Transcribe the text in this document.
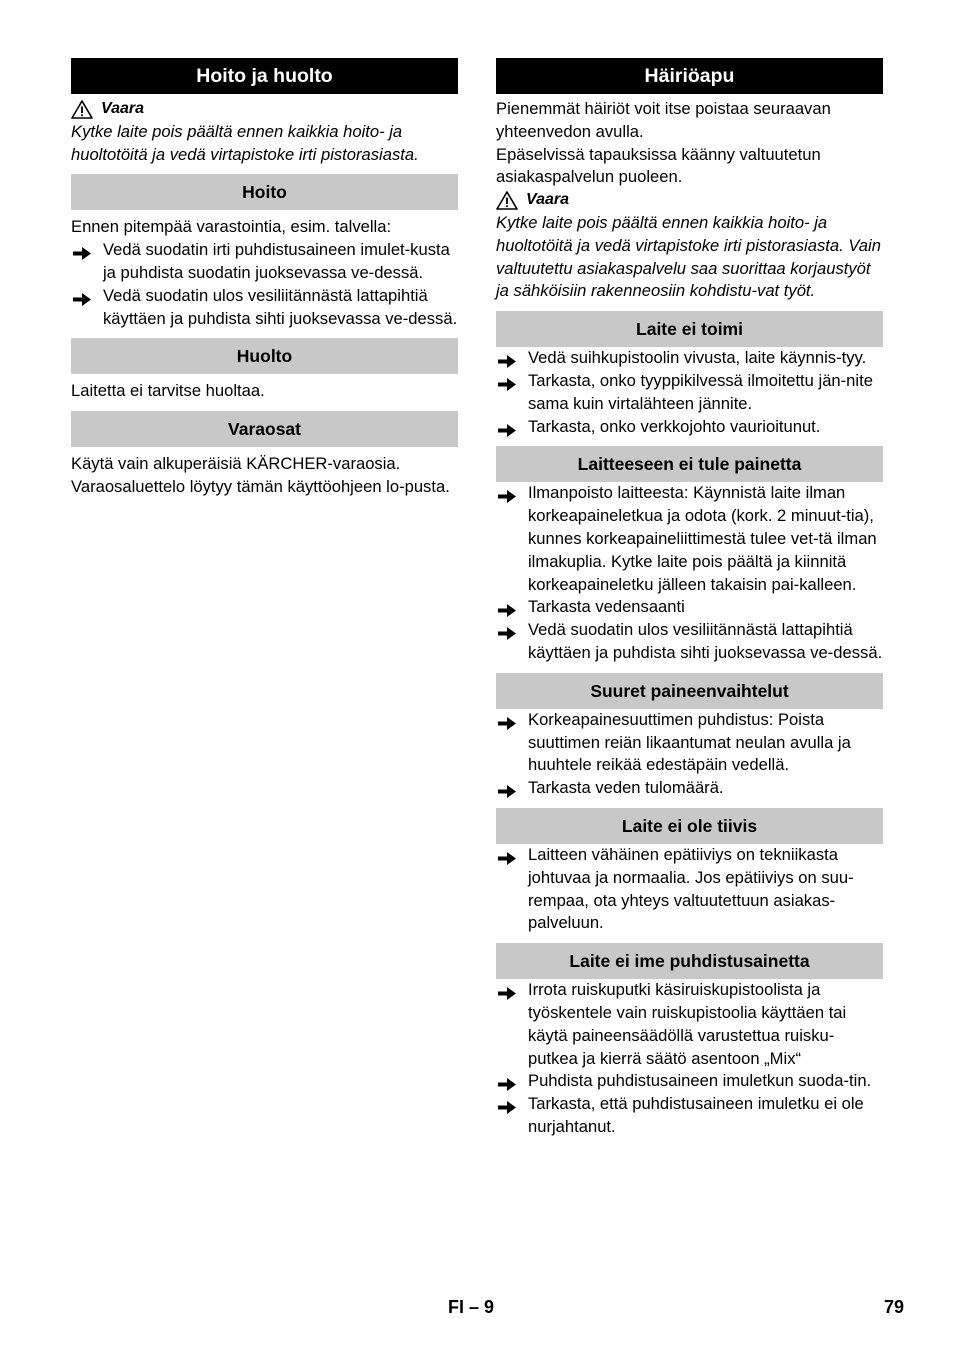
Hoito ja huolto
Vaara

Kytke laite pois päältä ennen kaikkia hoito- ja huoltotöitä ja vedä virtapistoke irti pistorasiasta.

Hoito

Ennen pitempää varastointia, esim. talvella:

Vedä suodatin irti puhdistusaineen imulet-kusta ja puhdista suodatin juoksevassa ve-dessä.
Vedä suodatin ulos vesiliitännästä lattapihtiä käyttäen ja puhdista sihti juoksevassa ve-dessä.
Huolto

Laitetta ei tarvitse huoltaa.

Varaosat

Käytä vain alkuperäisiä KÄRCHER-varaosia. Varaosaluettelo löytyy tämän käyttöohjeen lo-pusta.

Häiriöapu

Pienemmät häiriöt voit itse poistaa seuraavan yhteenvedon avulla.

Epäselvissä tapauksissa käänny valtuutetun asiakaspalvelun puoleen.

Vaara

Kytke laite pois päältä ennen kaikkia hoito- ja huoltotöitä ja vedä virtapistoke irti pistorasiasta. Vain valtuutettu asiakaspalvelu saa suorittaa korjaustyöt ja sähköisiin rakenneosiin kohdistu-vat työt.

Laite ei toimi
Vedä suihkupistoolin vivusta, laite käynnis-tyy.
Tarkasta, onko tyyppikilvessä ilmoitettu jän-nite sama kuin virtalähteen jännite.
Tarkasta, onko verkkojohto vaurioitunut.
Laitteeseen ei tule painetta
Ilmanpoisto laitteesta: Käynnistä laite ilman korkeapaineletkua ja odota (kork. 2 minuut-tia), kunnes korkeapaineliittimestä tulee vet-tä ilman ilmakuplia. Kytke laite pois päältä ja kiinnitä korkeapaineletku jälleen takaisin pai-kalleen.
Tarkasta vedensaanti
Vedä suodatin ulos vesiliitännästä lattapihtiä käyttäen ja puhdista sihti juoksevassa ve-dessä.
Suuret paineenvaihtelut
Korkeapainesuuttimen puhdistus: Poista suuttimen reiän likaantumat neulan avulla ja huuhtele reikää edestäpäin vedellä.
Tarkasta veden tulomäärä.
Laite ei ole tiivis
Laitteen vähäinen epätiiviys on tekniikasta johtuvaa ja normaalia. Jos epätiiviys on suu-rempaa, ota yhteys valtuutettuun asiakas-palveluun.
Laite ei ime puhdistusainetta
Irrota ruiskuputki käsiruiskupistoolista ja työskentele vain ruiskupistoolia käyttäen tai käytä paineensäädöllä varustettua ruisku-putkea ja kierrä säätö asentoon „Mix“
Puhdista puhdistusaineen imuletkun suoda-tin.
Tarkasta, että puhdistusaineen imuletku ei ole nurjahtanut.
FI – 9	79
